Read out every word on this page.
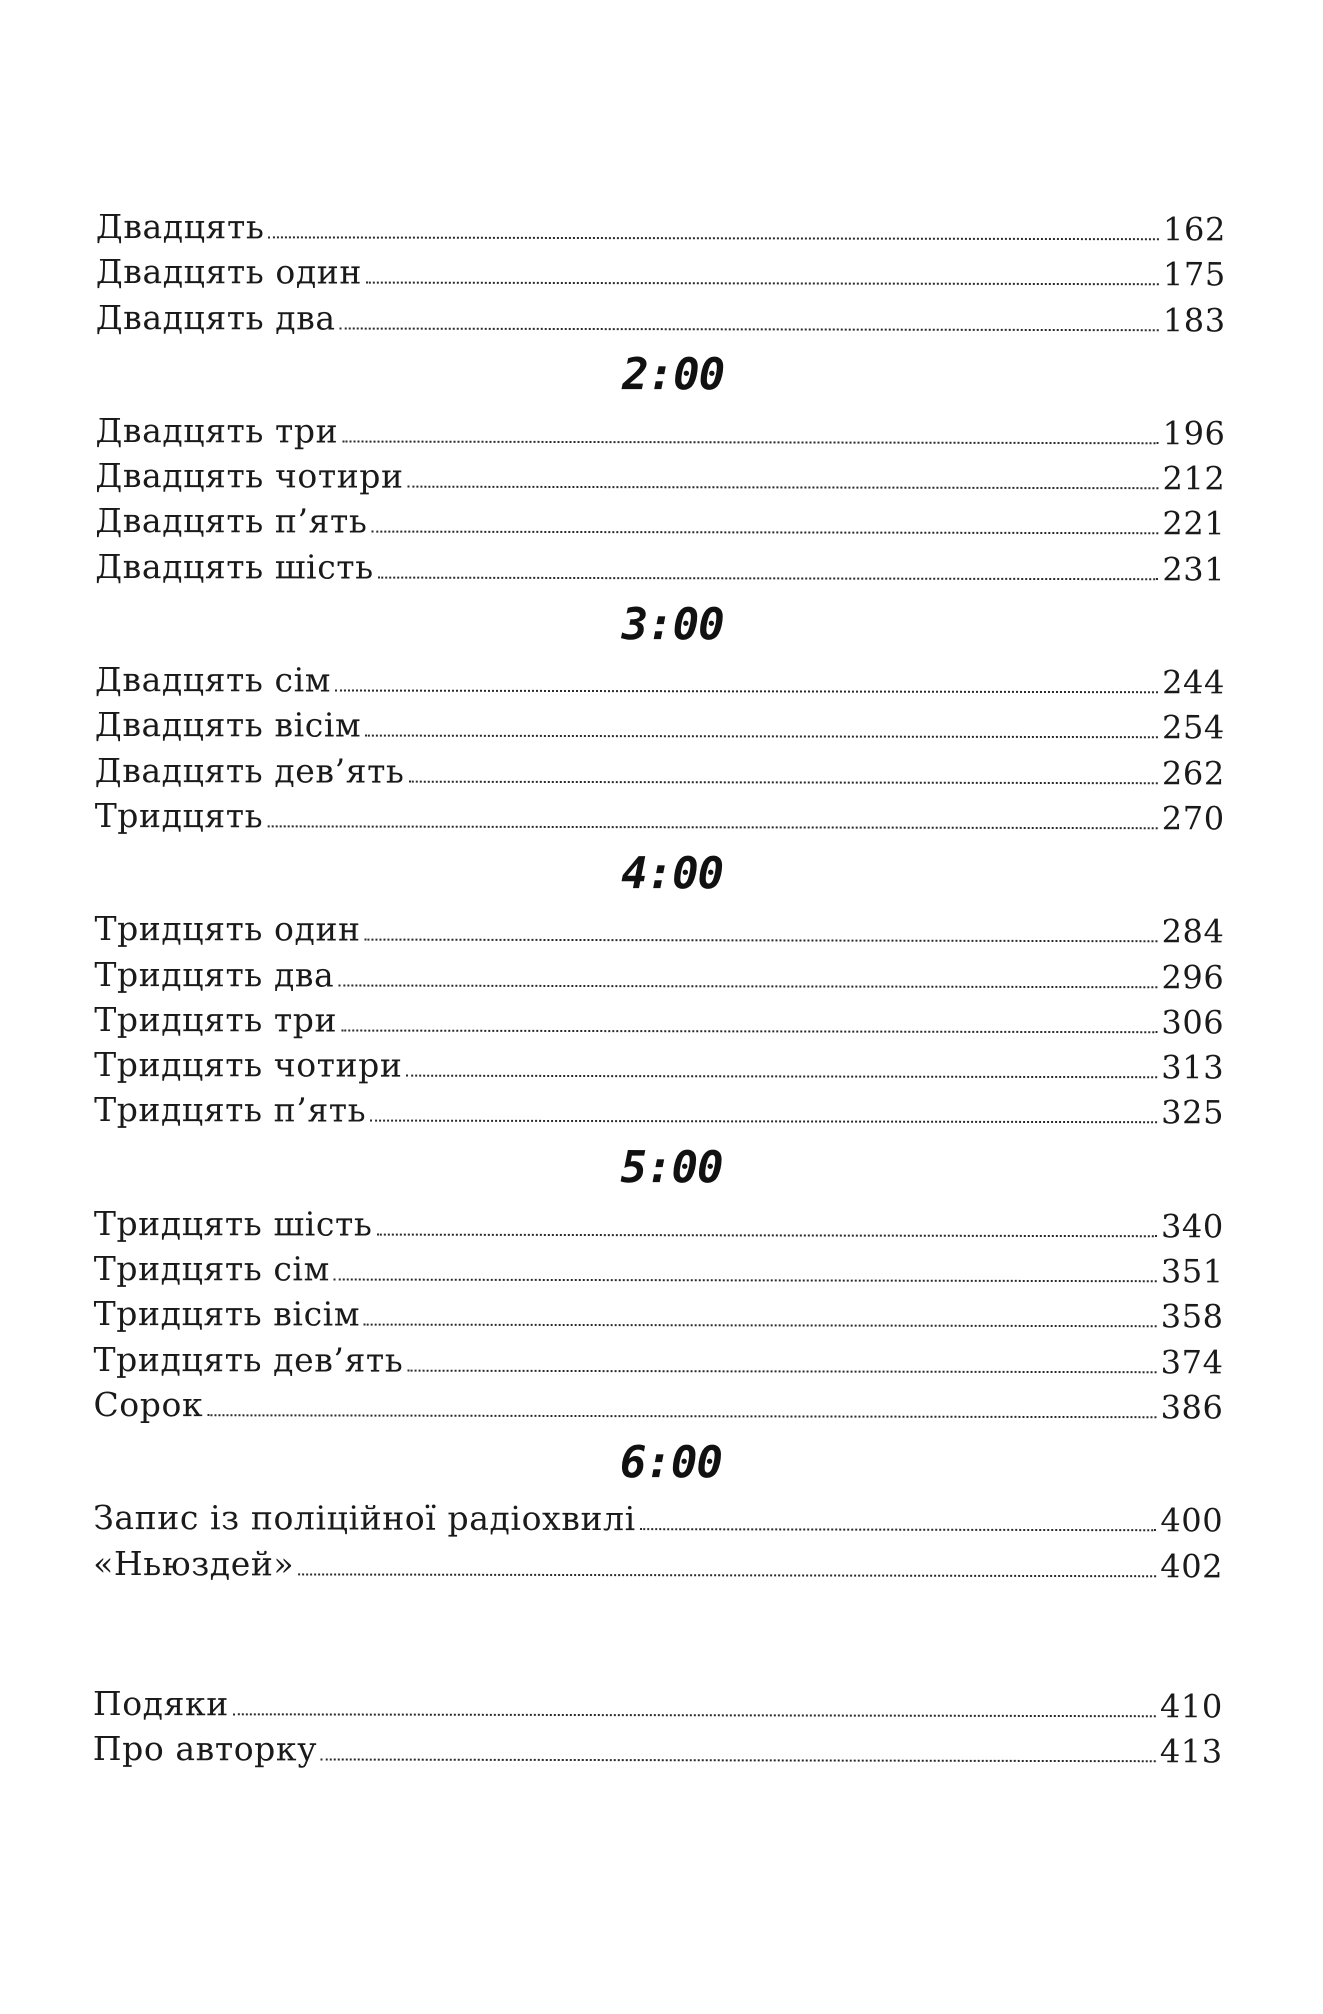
Двадцять	162
Двадцять один	175
Двадцять два	183
2:00
Двадцять три	196
Двадцять чотири	212
Двадцять п’ять	221
Двадцять шість	231
3:00
Двадцять сім	244
Двадцять вісім	254
Двадцять дев’ять	262
Тридцять	270
4:00
Тридцять один	284
Тридцять два	296
Тридцять три	306
Тридцять чотири	313
Тридцять п’ять	325
5:00
Тридцять шість	340
Тридцять сім	351
Тридцять вісім	358
Тридцять дев’ять	374
Сорок	386
6:00
Запис із поліційної радіохвилі	400
«Ньюздей»	402
Подяки	410
Про авторку	413
